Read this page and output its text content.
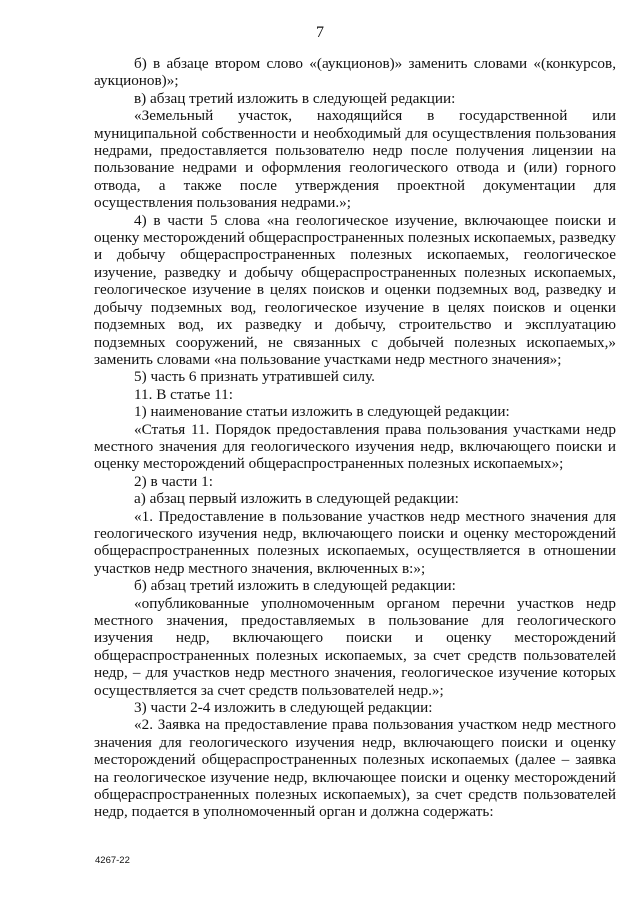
7

б) в абзаце втором слово «(аукционов)» заменить словами «(конкурсов, аукционов)»;

в) абзац третий изложить в следующей редакции:

«Земельный участок, находящийся в государственной или муниципальной собственности и необходимый для осуществления пользования недрами, предоставляется пользователю недр после получения лицензии на пользование недрами и оформления геологического отвода и (или) горного отвода, а также после утверждения проектной документации для осуществления пользования недрами.»;

4) в части 5 слова «на геологическое изучение, включающее поиски и оценку месторождений общераспространенных полезных ископаемых, разведку и добычу общераспространенных полезных ископаемых, геологическое изучение, разведку и добычу общераспространенных полезных ископаемых, геологическое изучение в целях поисков и оценки подземных вод, разведку и добычу подземных вод, геологическое изучение в целях поисков и оценки подземных вод, их разведку и добычу, строительство и эксплуатацию подземных сооружений, не связанных с добычей полезных ископаемых,» заменить словами «на пользование участками недр местного значения»;

5) часть 6 признать утратившей силу.

11. В статье 11:

1) наименование статьи изложить в следующей редакции:

«Статья 11. Порядок предоставления права пользования участками недр местного значения для геологического изучения недр, включающего поиски и оценку месторождений общераспространенных полезных ископаемых»;

2) в части 1:

а) абзац первый изложить в следующей редакции:

«1. Предоставление в пользование участков недр местного значения для геологического изучения недр, включающего поиски и оценку месторождений общераспространенных полезных ископаемых, осуществляется в отношении участков недр местного значения, включенных в:»;

б) абзац третий изложить в следующей редакции:

«опубликованные уполномоченным органом перечни участков недр местного значения, предоставляемых в пользование для геологического изучения недр, включающего поиски и оценку месторождений общераспространенных полезных ископаемых, за счет средств пользователей недр, – для участков недр местного значения, геологическое изучение которых осуществляется за счет средств пользователей недр.»;

3) части 2-4 изложить в следующей редакции:

«2. Заявка на предоставление права пользования участком недр местного значения для геологического изучения недр, включающего поиски и оценку месторождений общераспространенных полезных ископаемых (далее – заявка на геологическое изучение недр, включающее поиски и оценку месторождений общераспространенных полезных ископаемых), за счет средств пользователей недр, подается в уполномоченный орган и должна содержать:

4267-22
